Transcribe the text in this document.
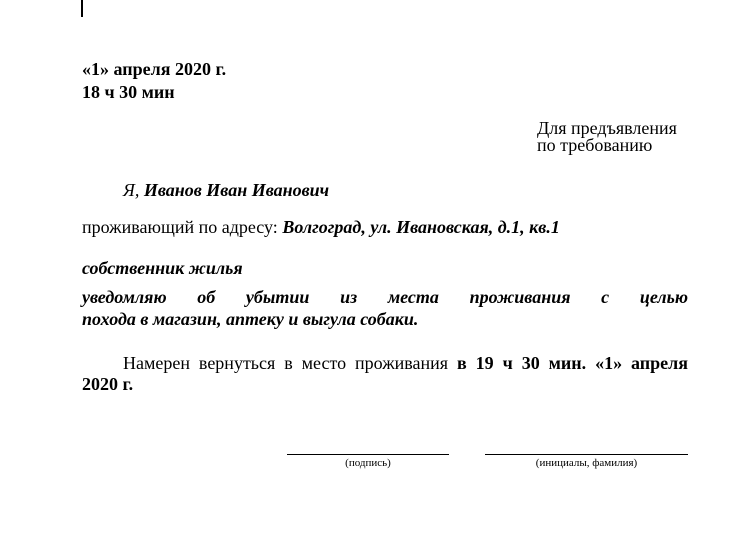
«1» апреля 2020 г.
18 ч 30 мин
Для предъявления
по требованию
Я, Иванов Иван Иванович
проживающий по адресу: Волгоград, ул. Ивановская, д.1, кв.1
собственник жилья
уведомляю об убытии из места проживания с целью
похода в магазин, аптеку и выгула собаки.
Намерен вернуться в место проживания в 19 ч 30 мин. «1» апреля
2020 г.
(подпись)	(инициалы, фамилия)
